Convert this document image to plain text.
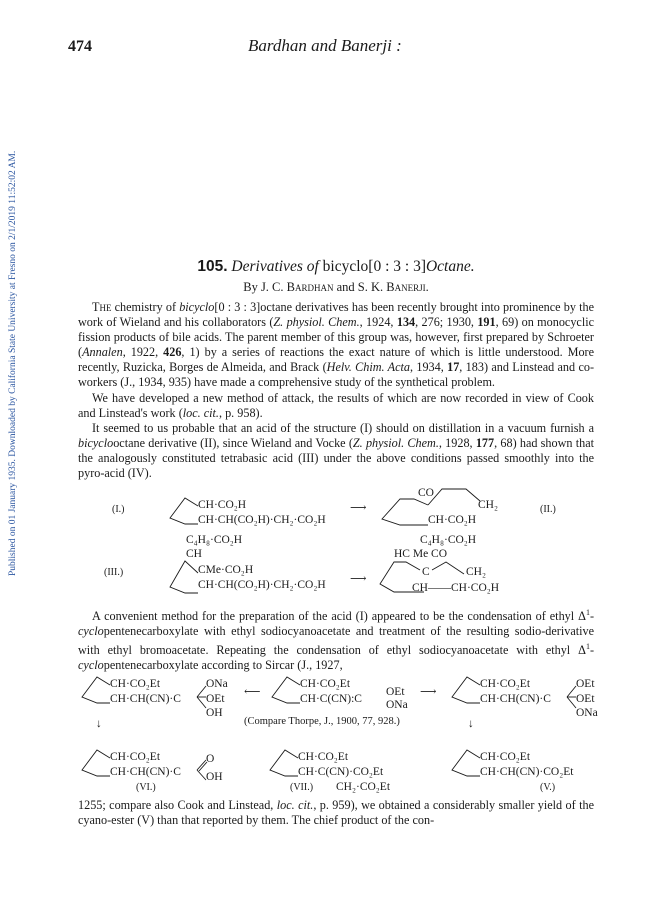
Published on 01 January 1935. Downloaded by California State University at Fresno on 2/1/2019 11:52:02 AM.
474	Bardhan and Banerji :
105. Derivatives of bicyclo[0 : 3 : 3]Octane.
By J. C. Bardhan and S. K. Banerji.

The chemistry of bicyclo[0 : 3 : 3]octane derivatives has been recently brought into prominence by the work of Wieland and his collaborators (Z. physiol. Chem., 1924, 134, 276; 1930, 191, 69) on monocyclic fission products of bile acids. The parent member of this group was, however, first prepared by Schroeter (Annalen, 1922, 426, 1) by a series of reactions the exact nature of which is little understood. More recently, Ruzicka, Borges de Almeida, and Brack (Helv. Chim. Acta, 1934, 17, 183) and Linstead and co-workers (J., 1934, 935) have made a comprehensive study of the synthetical problem.

We have developed a new method of attack, the results of which are now recorded in view of Cook and Linstead's work (loc. cit., p. 958).

It seemed to us probable that an acid of the structure (I) should on distillation in a vacuum furnish a bicyclooctane derivative (II), since Wieland and Vocke (Z. physiol. Chem., 1928, 177, 68) had shown that the analogously constituted tetrabasic acid (III) under the above conditions passed smoothly into the pyro-acid (IV).

(I.)	CH·CO₂H
CH·CH(CO₂H)·CH₂·CO₂H
⟶
CO
CH₂
CH·CO₂H
(II.)
(III.)
C₄H₈·CO₂H
CH
CMe·CO₂H
CH·CH(CO₂H)·CH₂·CO₂H ⟶
C₄H₈·CO₂H
HC Me CO
C	CH₂
CH——CH·CO₂H

A convenient method for the preparation of the acid (I) appeared to be the condensation of ethyl $\Delta^1$-cyclopentenecarboxylate with ethyl sodiocyanoacetate and treatment of the resulting sodio-derivative with ethyl bromoacetate. Repeating the condensation of ethyl sodiocyanoacetate with ethyl $\Delta^1$-cyclopentenecarboxylate according to Sircar (J., 1927,

CH·CO₂Et
CH·CH(CN)·C
ONa
OEt
OH
⟵
CH·CO₂Et
CH·C(CN):C
OEt
ONa
⟶
CH·CO₂Et
CH·CH(CN)·C
OEt
OEt
ONa
↓	(Compare Thorpe, J., 1900, 77, 928.)	↓
CH·CO₂Et
CH·CH(CN)·C
O
OH
(VI.)
CH·CO₂Et
CH·C(CN)·CO₂Et
(VII.) CH₂·CO₂Et
CH·CO₂Et
CH·CH(CN)·CO₂Et
(V.)

1255; compare also Cook and Linstead, loc. cit., p. 959), we obtained a considerably smaller yield of the cyano-ester (V) than that reported by them. The chief product of the con-
